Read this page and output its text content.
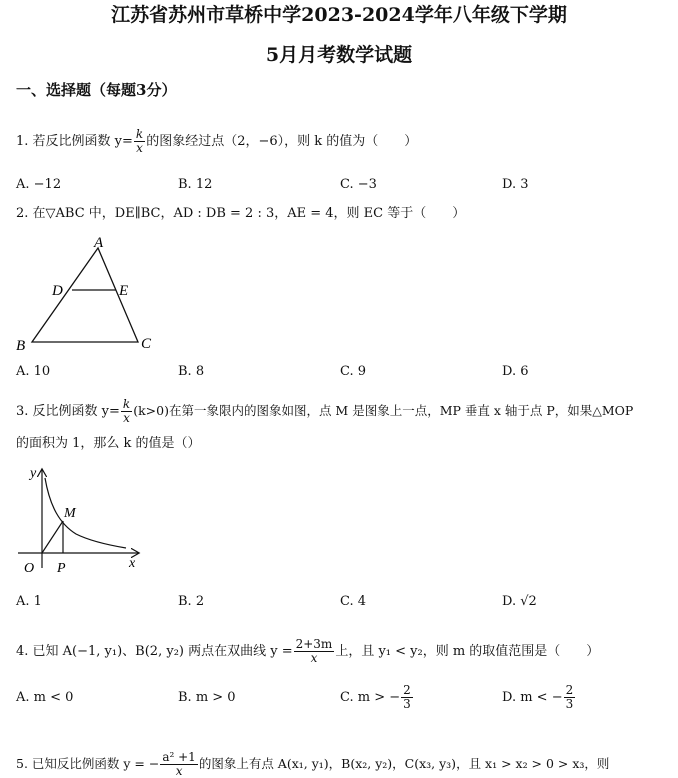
江苏省苏州市草桥中学2023-2024学年八年级下学期
5月月考数学试题
一、选择题（每题3分）
1. 若反比例函数 $y= \frac{k}{x}$ 的图象经过点（2，−6），则 k 的值为（　　）
A. −12	B. 12	C. −3	D. 3
2. 在▽ABC 中，DE∥BC，AD : DB = 2 : 3，AE = 4，则 EC 等于（　　）
A
D	E
B	C
A. 10	B. 8	C. 9	D. 6
3. 反比例函数 $y= \frac{k}{x} (k>0)$在第一象限内的图象如图，点 M 是图象上一点，MP 垂直 x 轴于点 P，如果△MOP
的面积为 1，那么 k 的值是（）
y
x
O P
M
A. 1	B. 2	C. 4	D. √2
4. 已知 A(−1, y₁)、B(2, y₂) 两点在双曲线 $y = \frac{2+3m}{x}$ 上，且 y₁ < y₂，则 m 的取值范围是（　　）
A. m < 0	B. m > 0	C. m > − $\frac{2}{3}$	D. m < − $\frac{2}{3}$
5. 已知反比例函数 y = − $\frac{\text{a² +1}}{x}$ 的图象上有点 A(x₁, y₁)，B(x₂, y₂)，C(x₃, y₃)，且 x₁ > x₂ > 0 > x₃，则
